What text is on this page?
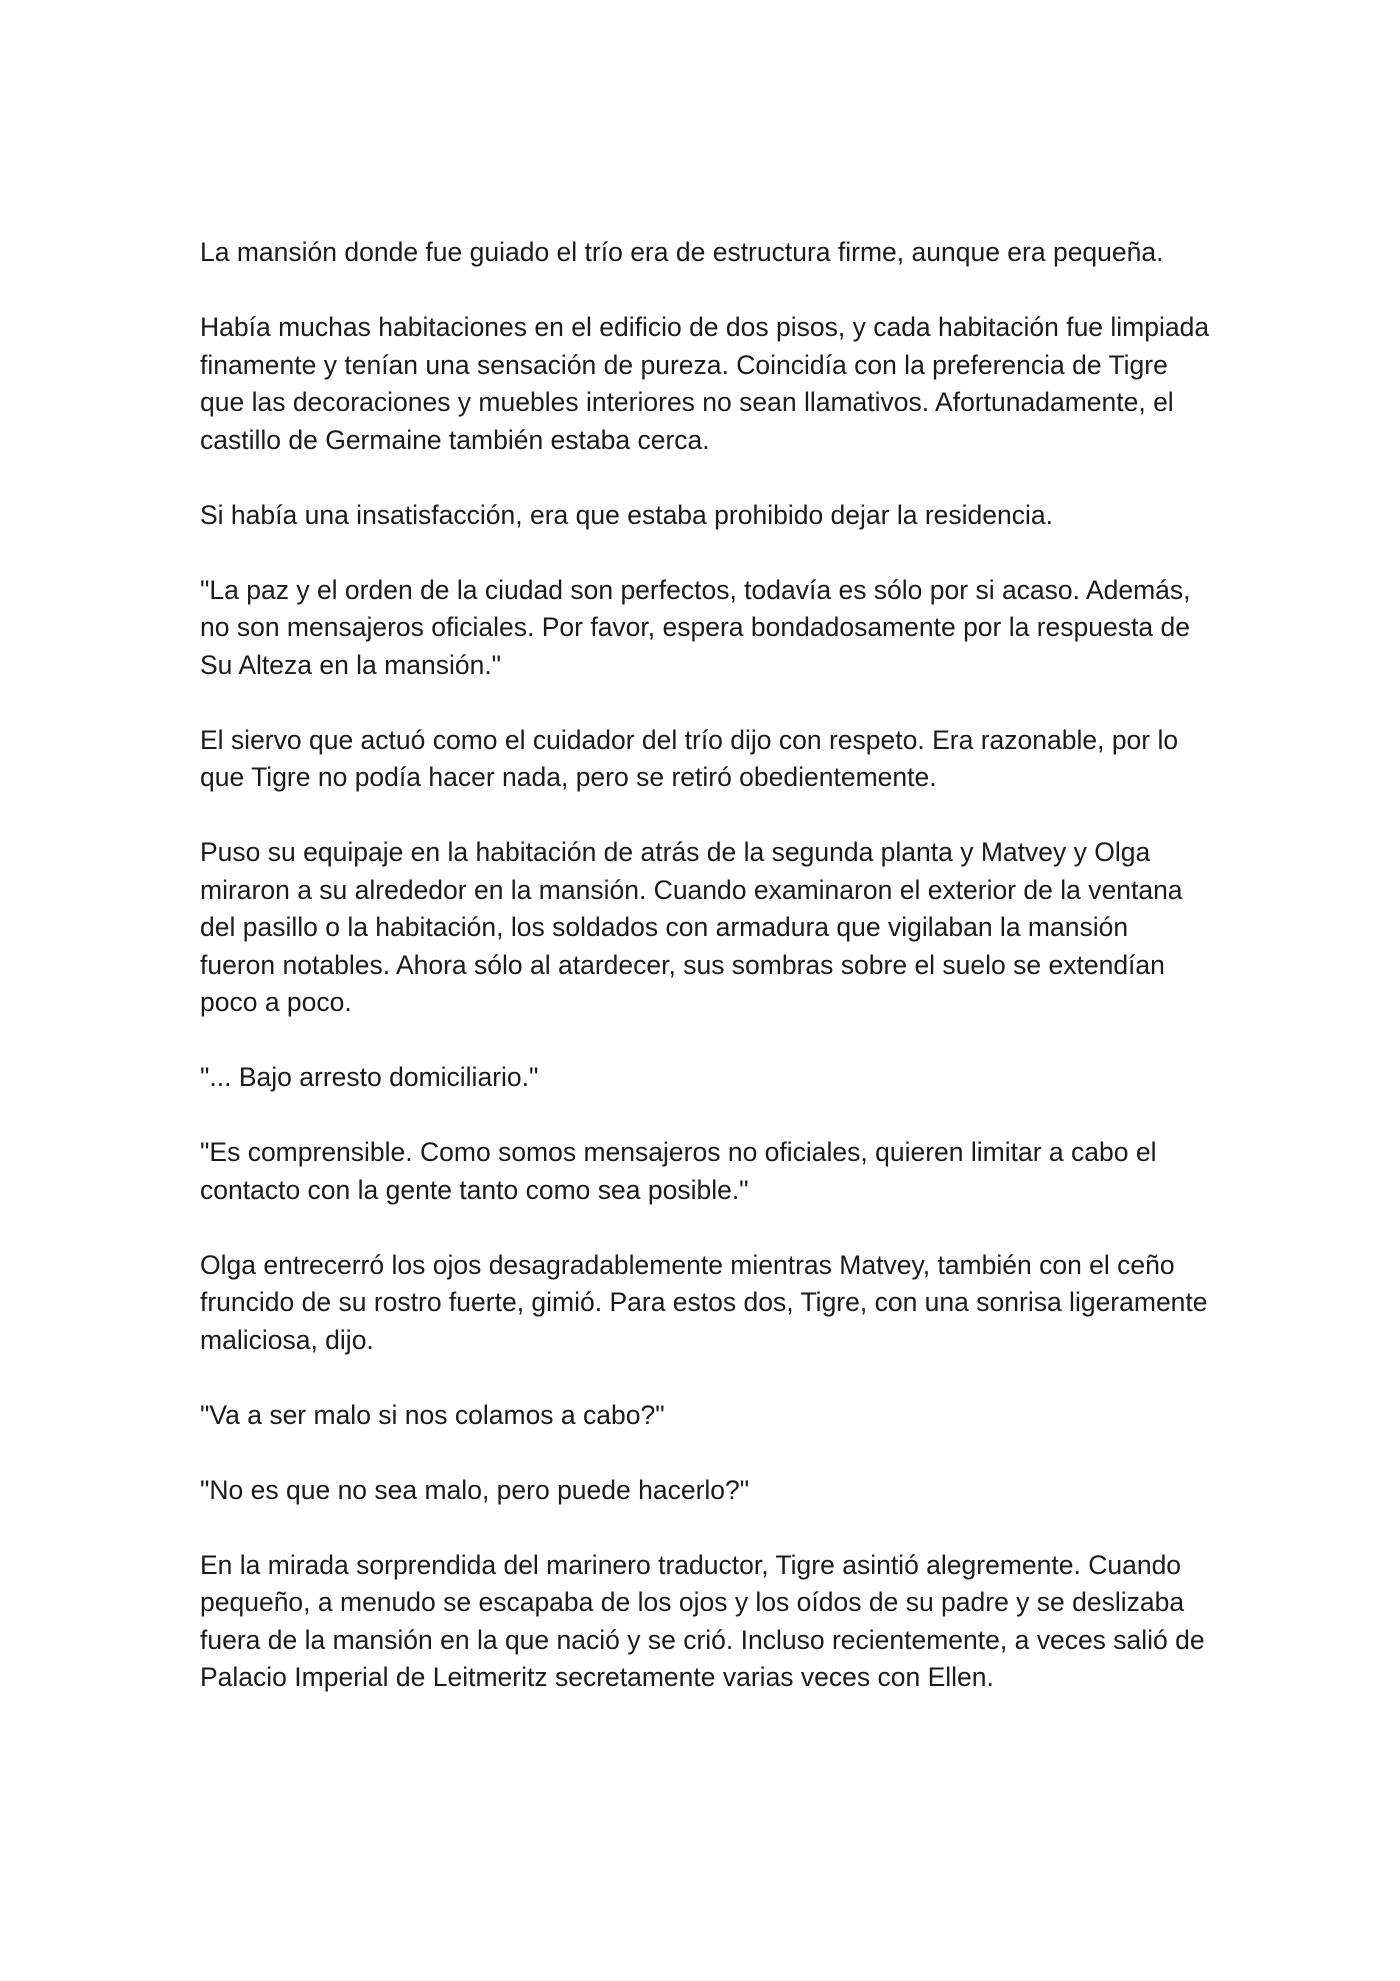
La mansión donde fue guiado el trío era de estructura firme, aunque era pequeña.

Había muchas habitaciones en el edificio de dos pisos, y cada habitación fue limpiada finamente y tenían una sensación de pureza. Coincidía con la preferencia de Tigre que las decoraciones y muebles interiores no sean llamativos. Afortunadamente, el castillo de Germaine también estaba cerca.

Si había una insatisfacción, era que estaba prohibido dejar la residencia.

"La paz y el orden de la ciudad son perfectos, todavía es sólo por si acaso. Además, no son mensajeros oficiales. Por favor, espera bondadosamente por la respuesta de Su Alteza en la mansión."

El siervo que actuó como el cuidador del trío dijo con respeto. Era razonable, por lo que Tigre no podía hacer nada, pero se retiró obedientemente.

Puso su equipaje en la habitación de atrás de la segunda planta y Matvey y Olga miraron a su alrededor en la mansión. Cuando examinaron el exterior de la ventana del pasillo o la habitación, los soldados con armadura que vigilaban la mansión fueron notables. Ahora sólo al atardecer, sus sombras sobre el suelo se extendían poco a poco.

"... Bajo arresto domiciliario."

"Es comprensible. Como somos mensajeros no oficiales, quieren limitar a cabo el contacto con la gente tanto como sea posible."

Olga entrecerró los ojos desagradablemente mientras Matvey, también con el ceño fruncido de su rostro fuerte, gimió. Para estos dos, Tigre, con una sonrisa ligeramente maliciosa, dijo.

"Va a ser malo si nos colamos a cabo?"

"No es que no sea malo, pero puede hacerlo?"

En la mirada sorprendida del marinero traductor, Tigre asintió alegremente. Cuando pequeño, a menudo se escapaba de los ojos y los oídos de su padre y se deslizaba fuera de la mansión en la que nació y se crió. Incluso recientemente, a veces salió de Palacio Imperial de Leitmeritz secretamente varias veces con Ellen.
